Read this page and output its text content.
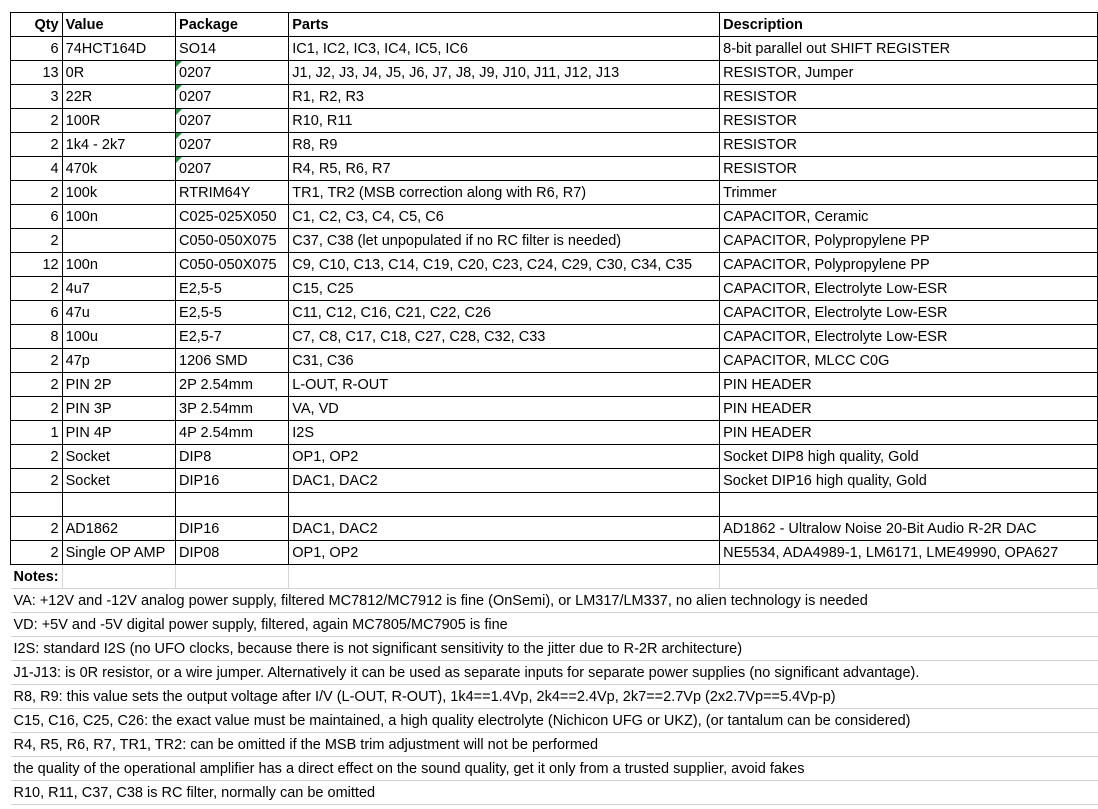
Qty	Value	Package	Parts	Description
6	74HCT164D	SO14	IC1, IC2, IC3, IC4, IC5, IC6	8-bit parallel out SHIFT REGISTER
13	0R	0207	J1, J2, J3, J4, J5, J6, J7, J8, J9, J10, J11, J12, J13	RESISTOR, Jumper
3	22R	0207	R1, R2, R3	RESISTOR
2	100R	0207	R10, R11	RESISTOR
2	1k4 - 2k7	0207	R8, R9	RESISTOR
4	470k	0207	R4, R5, R6, R7	RESISTOR
2	100k	RTRIM64Y	TR1, TR2 (MSB correction along with R6, R7)	Trimmer
6	100n	C025-025X050	C1, C2, C3, C4, C5, C6	CAPACITOR, Ceramic
2		C050-050X075	C37, C38 (let unpopulated if no RC filter is needed)	CAPACITOR, Polypropylene PP
12	100n	C050-050X075	C9, C10, C13, C14, C19, C20, C23, C24, C29, C30, C34, C35	CAPACITOR, Polypropylene PP
2	4u7	E2,5-5	C15, C25	CAPACITOR, Electrolyte Low-ESR
6	47u	E2,5-5	C11, C12, C16, C21, C22, C26	CAPACITOR, Electrolyte Low-ESR
8	100u	E2,5-7	C7, C8, C17, C18, C27, C28, C32, C33	CAPACITOR, Electrolyte Low-ESR
2	47p	1206 SMD	C31, C36	CAPACITOR, MLCC C0G
2	PIN 2P	2P 2.54mm	L-OUT, R-OUT	PIN HEADER
2	PIN 3P	3P 2.54mm	VA, VD	PIN HEADER
1	PIN 4P	4P 2.54mm	I2S	PIN HEADER
2	Socket	DIP8	OP1, OP2	Socket DIP8 high quality, Gold
2	Socket	DIP16	DAC1, DAC2	Socket DIP16 high quality, Gold

2	AD1862	DIP16	DAC1, DAC2	AD1862 - Ultralow Noise 20-Bit Audio R-2R DAC
2	Single OP AMP	DIP08	OP1, OP2	NE5534, ADA4989-1, LM6171, LME49990, OPA627
Notes:				
VA: +12V and -12V analog power supply, filtered MC7812/MC7912 is fine (OnSemi), or LM317/LM337, no alien technology is needed				
VD: +5V and -5V digital power supply, filtered, again MC7805/MC7905 is fine				
I2S: standard I2S (no UFO clocks, because there is not significant sensitivity to the jitter due to R-2R architecture)				
J1-J13: is 0R resistor, or a wire jumper. Alternatively it can be used as separate inputs for separate power supplies (no significant advantage).				
R8, R9: this value sets the output voltage after I/V (L-OUT, R-OUT), 1k4==1.4Vp, 2k4==2.4Vp, 2k7==2.7Vp (2x2.7Vp==5.4Vp-p)				
C15, C16, C25, C26: the exact value must be maintained, a high quality electrolyte (Nichicon UFG or UKZ), (or tantalum can be considered)				
R4, R5, R6, R7, TR1, TR2: can be omitted if the MSB trim adjustment will not be performed				
the quality of the operational amplifier has a direct effect on the sound quality, get it only from a trusted supplier, avoid fakes				
R10, R11, C37, C38 is RC filter, normally can be omitted				
